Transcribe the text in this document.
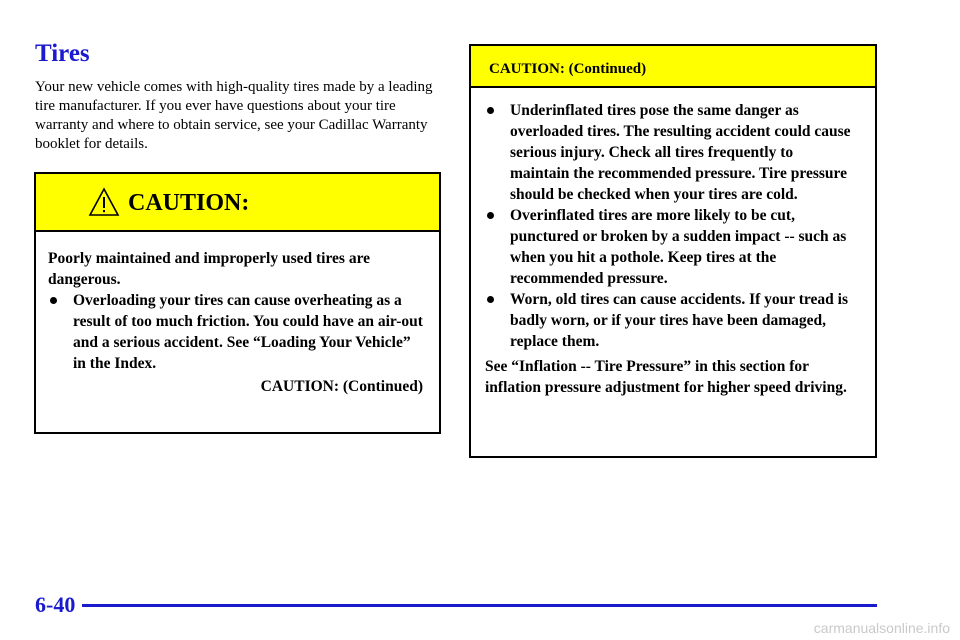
Tires
Your new vehicle comes with high-quality tires made by a leading tire manufacturer. If you ever have questions about your tire warranty and where to obtain service, see your Cadillac Warranty booklet for details.
CAUTION:
Poorly maintained and improperly used tires are dangerous.
Overloading your tires can cause overheating as a result of too much friction. You could have an air-out and a serious accident. See “Loading Your Vehicle” in the Index.
CAUTION: (Continued)
CAUTION: (Continued)
Underinflated tires pose the same danger as overloaded tires. The resulting accident could cause serious injury. Check all tires frequently to maintain the recommended pressure. Tire pressure should be checked when your tires are cold.
Overinflated tires are more likely to be cut, punctured or broken by a sudden impact -- such as when you hit a pothole. Keep tires at the recommended pressure.
Worn, old tires can cause accidents. If your tread is badly worn, or if your tires have been damaged, replace them.
See “Inflation -- Tire Pressure” in this section for inflation pressure adjustment for higher speed driving.
6-40
carmanualsonline.info
